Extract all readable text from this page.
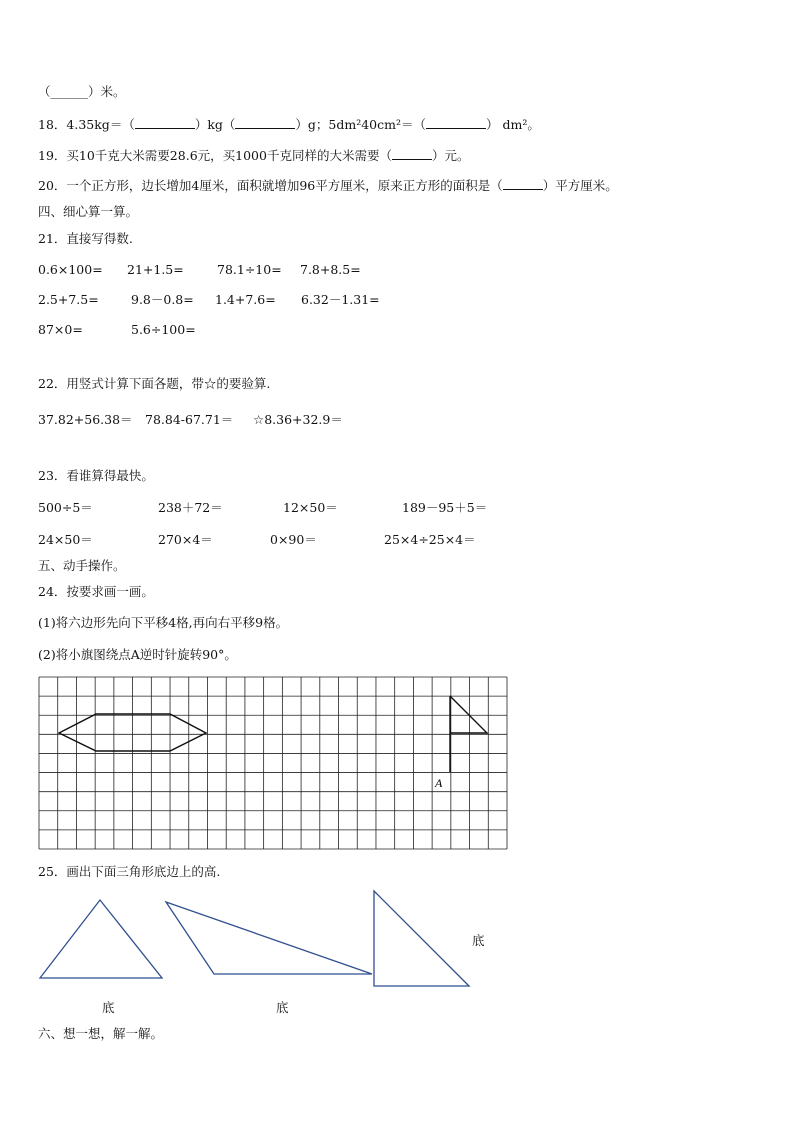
（______）米。
18．4.35kg＝（	）kg（	）g；5dm²40cm²＝（	） dm²。
19．买10千克大米需要28.6元，买1000千克同样的大米需要（	）元。
20．一个正方形，边长增加4厘米，面积就增加96平方厘米，原来正方形的面积是（	）平方厘米。
四、细心算一算。
21．直接写得数.
0.6×100= 21+1.5=	78.1÷10= 7.8+8.5=
2.5+7.5=	9.8－0.8= 1.4+7.6= 6.32－1.31=
87×0=	5.6÷100=
22．用竖式计算下面各题，带☆的要验算.
37.82+56.38＝ 78.84-67.71＝ ☆8.36+32.9＝
23．看谁算得最快。
500÷5＝	238＋72＝	12×50＝	189－95＋5＝
24×50＝	270×4＝	0×90＝	25×4÷25×4＝
五、动手操作。
24．按要求画一画。
(1)将六边形先向下平移4格,再向右平移9格。
(2)将小旗图绕点A逆时针旋转90°。
A
25．画出下面三角形底边上的高.
底	底
底
六、想一想，解一解。
